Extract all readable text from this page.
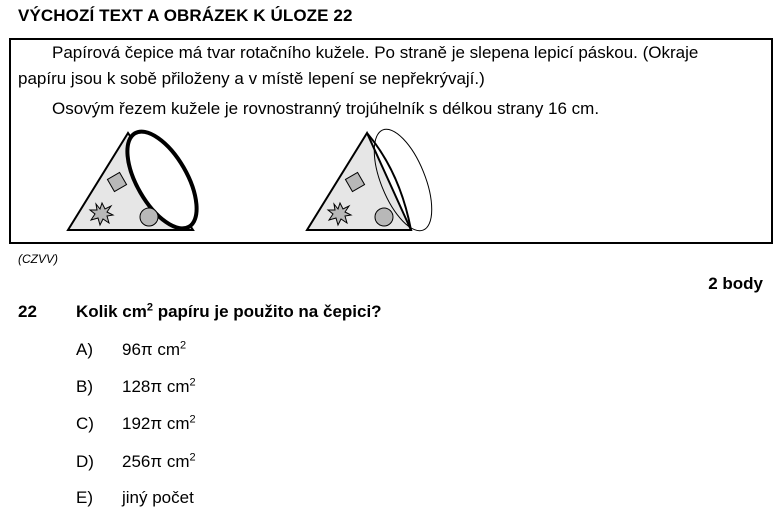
VÝCHOZÍ TEXT A OBRÁZEK K ÚLOZE 22
Papírová čepice má tvar rotačního kužele. Po straně je slepena lepicí páskou. (Okraje
papíru jsou k sobě přiloženy a v místě lepení se nepřekrývají.)
Osovým řezem kužele je rovnostranný trojúhelník s délkou strany 16 cm.
(CZVV)
2 body
22 Kolik $cm^2$ papíru je použito na čepici?
A) 96π $cm^2$
B) 128π $cm^2$
C) 192π $cm^2$
D) 256π $cm^2$
E) jiný počet
